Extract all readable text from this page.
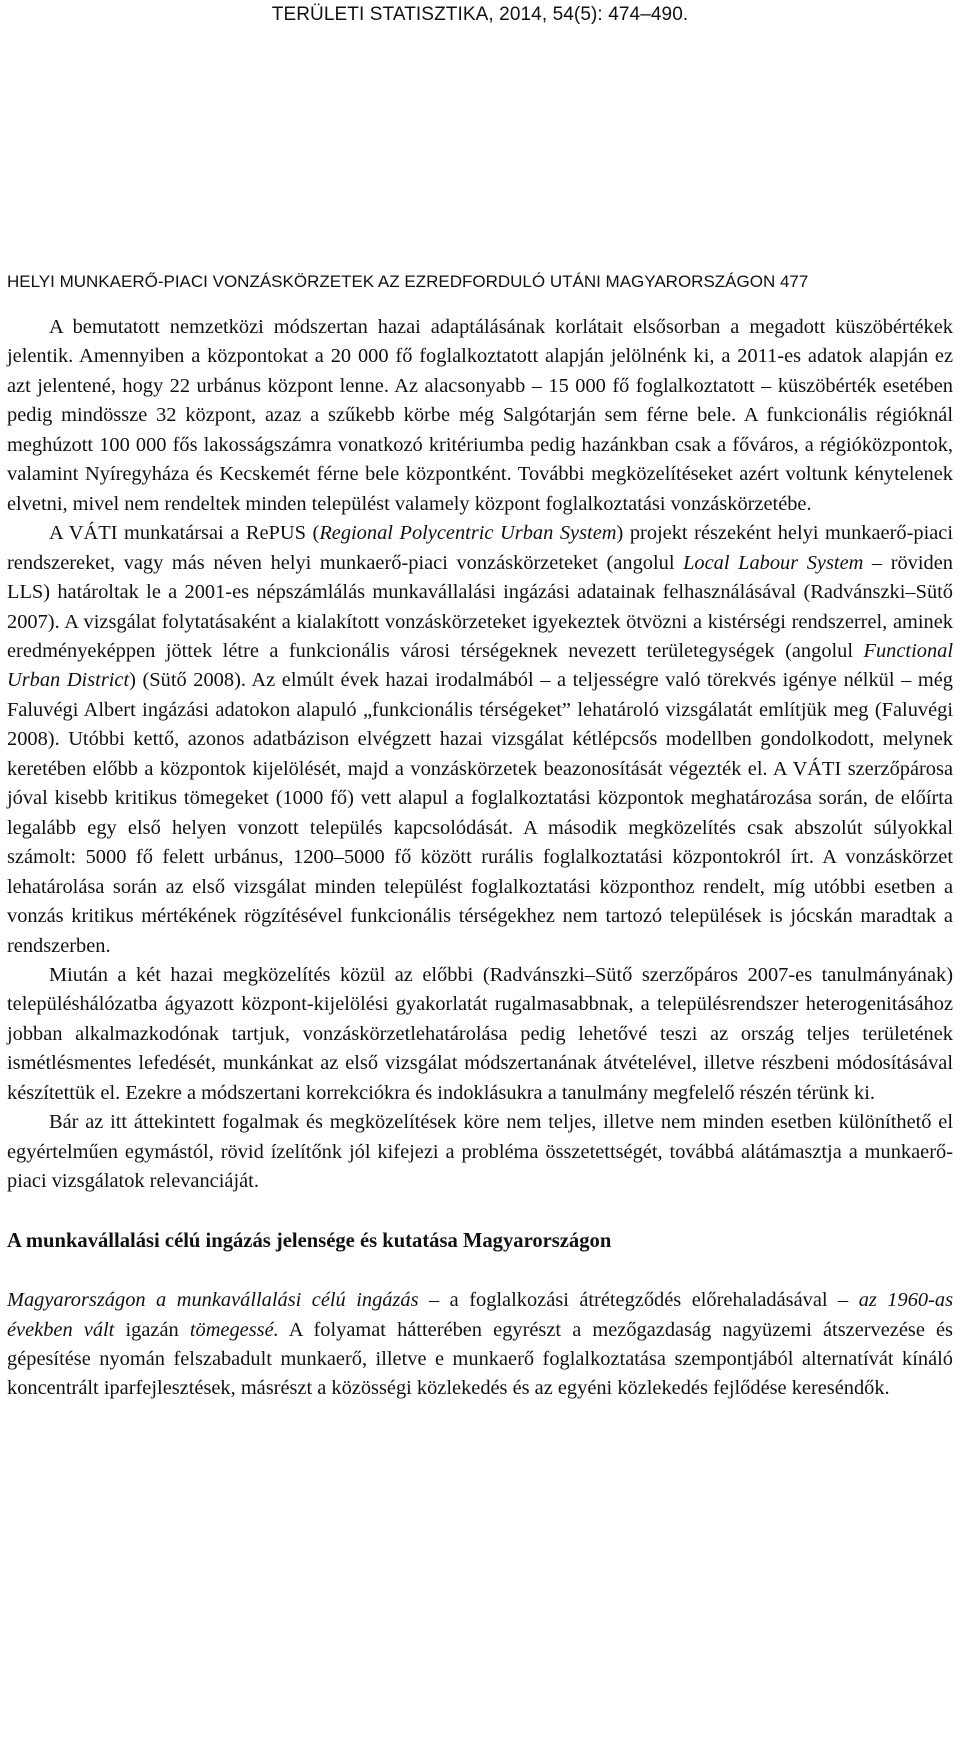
TERÜLETI STATISZTIKA, 2014, 54(5): 474–490.
HELYI MUNKAERŐ-PIACI VONZÁSKÖRZETEK AZ EZREDFORDULÓ UTÁNI MAGYARORSZÁGON 477

A bemutatott nemzetközi módszertan hazai adaptálásának korlátait elsősorban a megadott küszöbértékek jelentik. Amennyiben a központokat a 20 000 fő foglalkoztatott alapján jelölnénk ki, a 2011-es adatok alapján ez azt jelentené, hogy 22 urbánus központ lenne. Az alacsonyabb – 15 000 fő foglalkoztatott – küszöbérték esetében pedig mindössze 32 központ, azaz a szűkebb körbe még Salgótarján sem férne bele. A funkcionális régióknál meghúzott 100 000 fős lakosságszámra vonatkozó kritériumba pedig hazánkban csak a főváros, a régióközpontok, valamint Nyíregyháza és Kecskemét férne bele központként. További megközelítéseket azért voltunk kénytelenek elvetni, mivel nem rendeltek minden települést valamely központ foglalkoztatási vonzáskörzetébe.

A VÁTI munkatársai a RePUS (Regional Polycentric Urban System) projekt részeként helyi munkaerő-piaci rendszereket, vagy más néven helyi munkaerő-piaci vonzáskörzeteket (angolul Local Labour System – röviden LLS) határoltak le a 2001-es népszámlálás munkavállalási ingázási adatainak felhasználásával (Radvánszki–Sütő 2007). A vizsgálat folytatásaként a kialakított vonzáskörzeteket igyekeztek ötvözni a kistérségi rendszerrel, aminek eredményeképpen jöttek létre a funkcionális városi térségeknek nevezett területegységek (angolul Functional Urban District) (Sütő 2008). Az elmúlt évek hazai irodalmából – a teljességre való törekvés igénye nélkül – még Faluvégi Albert ingázási adatokon alapuló „funkcionális térségeket” lehatároló vizsgálatát említjük meg (Faluvégi 2008). Utóbbi kettő, azonos adatbázison elvégzett hazai vizsgálat kétlépcsős modellben gondolkodott, melynek keretében előbb a központok kijelölését, majd a vonzáskörzetek beazonosítását végezték el. A VÁTI szerzőpárosa jóval kisebb kritikus tömegeket (1000 fő) vett alapul a foglalkoztatási központok meghatározása során, de előírta legalább egy első helyen vonzott település kapcsolódását. A második megközelítés csak abszolút súlyokkal számolt: 5000 fő felett urbánus, 1200–5000 fő között rurális foglalkoztatási központokról írt. A vonzáskörzet lehatárolása során az első vizsgálat minden települést foglalkoztatási központhoz rendelt, míg utóbbi esetben a vonzás kritikus mértékének rögzítésével funkcionális térségekhez nem tartozó települések is jócskán maradtak a rendszerben.

Miután a két hazai megközelítés közül az előbbi (Radvánszki–Sütő szerzőpáros 2007-es tanulmányának) településhálózatba ágyazott központ-kijelölési gyakorlatát rugalmasabbnak, a településrendszer heterogenitásához jobban alkalmazkodónak tartjuk, vonzáskörzetlehatárolása pedig lehetővé teszi az ország teljes területének ismétlésmentes lefedését, munkánkat az első vizsgálat módszertanának átvételével, illetve részbeni módosításával készítettük el. Ezekre a módszertani korrekciókra és indoklásukra a tanulmány megfelelő részén térünk ki.

Bár az itt áttekintett fogalmak és megközelítések köre nem teljes, illetve nem minden esetben különíthető el egyértelműen egymástól, rövid ízelítőnk jól kifejezi a probléma összetettségét, továbbá alátámasztja a munkaerő-piaci vizsgálatok relevanciáját.

A munkavállalási célú ingázás jelensége és kutatása Magyarországon

Magyarországon a munkavállalási célú ingázás – a foglalkozási átrétegződés előrehaladásával – az 1960-as években vált igazán tömegessé. A folyamat hátterében egyrészt a mezőgazdaság nagyüzemi átszervezése és gépesítése nyomán felszabadult munkaerő, illetve e munkaerő foglalkoztatása szempontjából alternatívát kínáló koncentrált iparfejlesztések, másrészt a közösségi közlekedés és az egyéni közlekedés fejlődése kereséndők.
